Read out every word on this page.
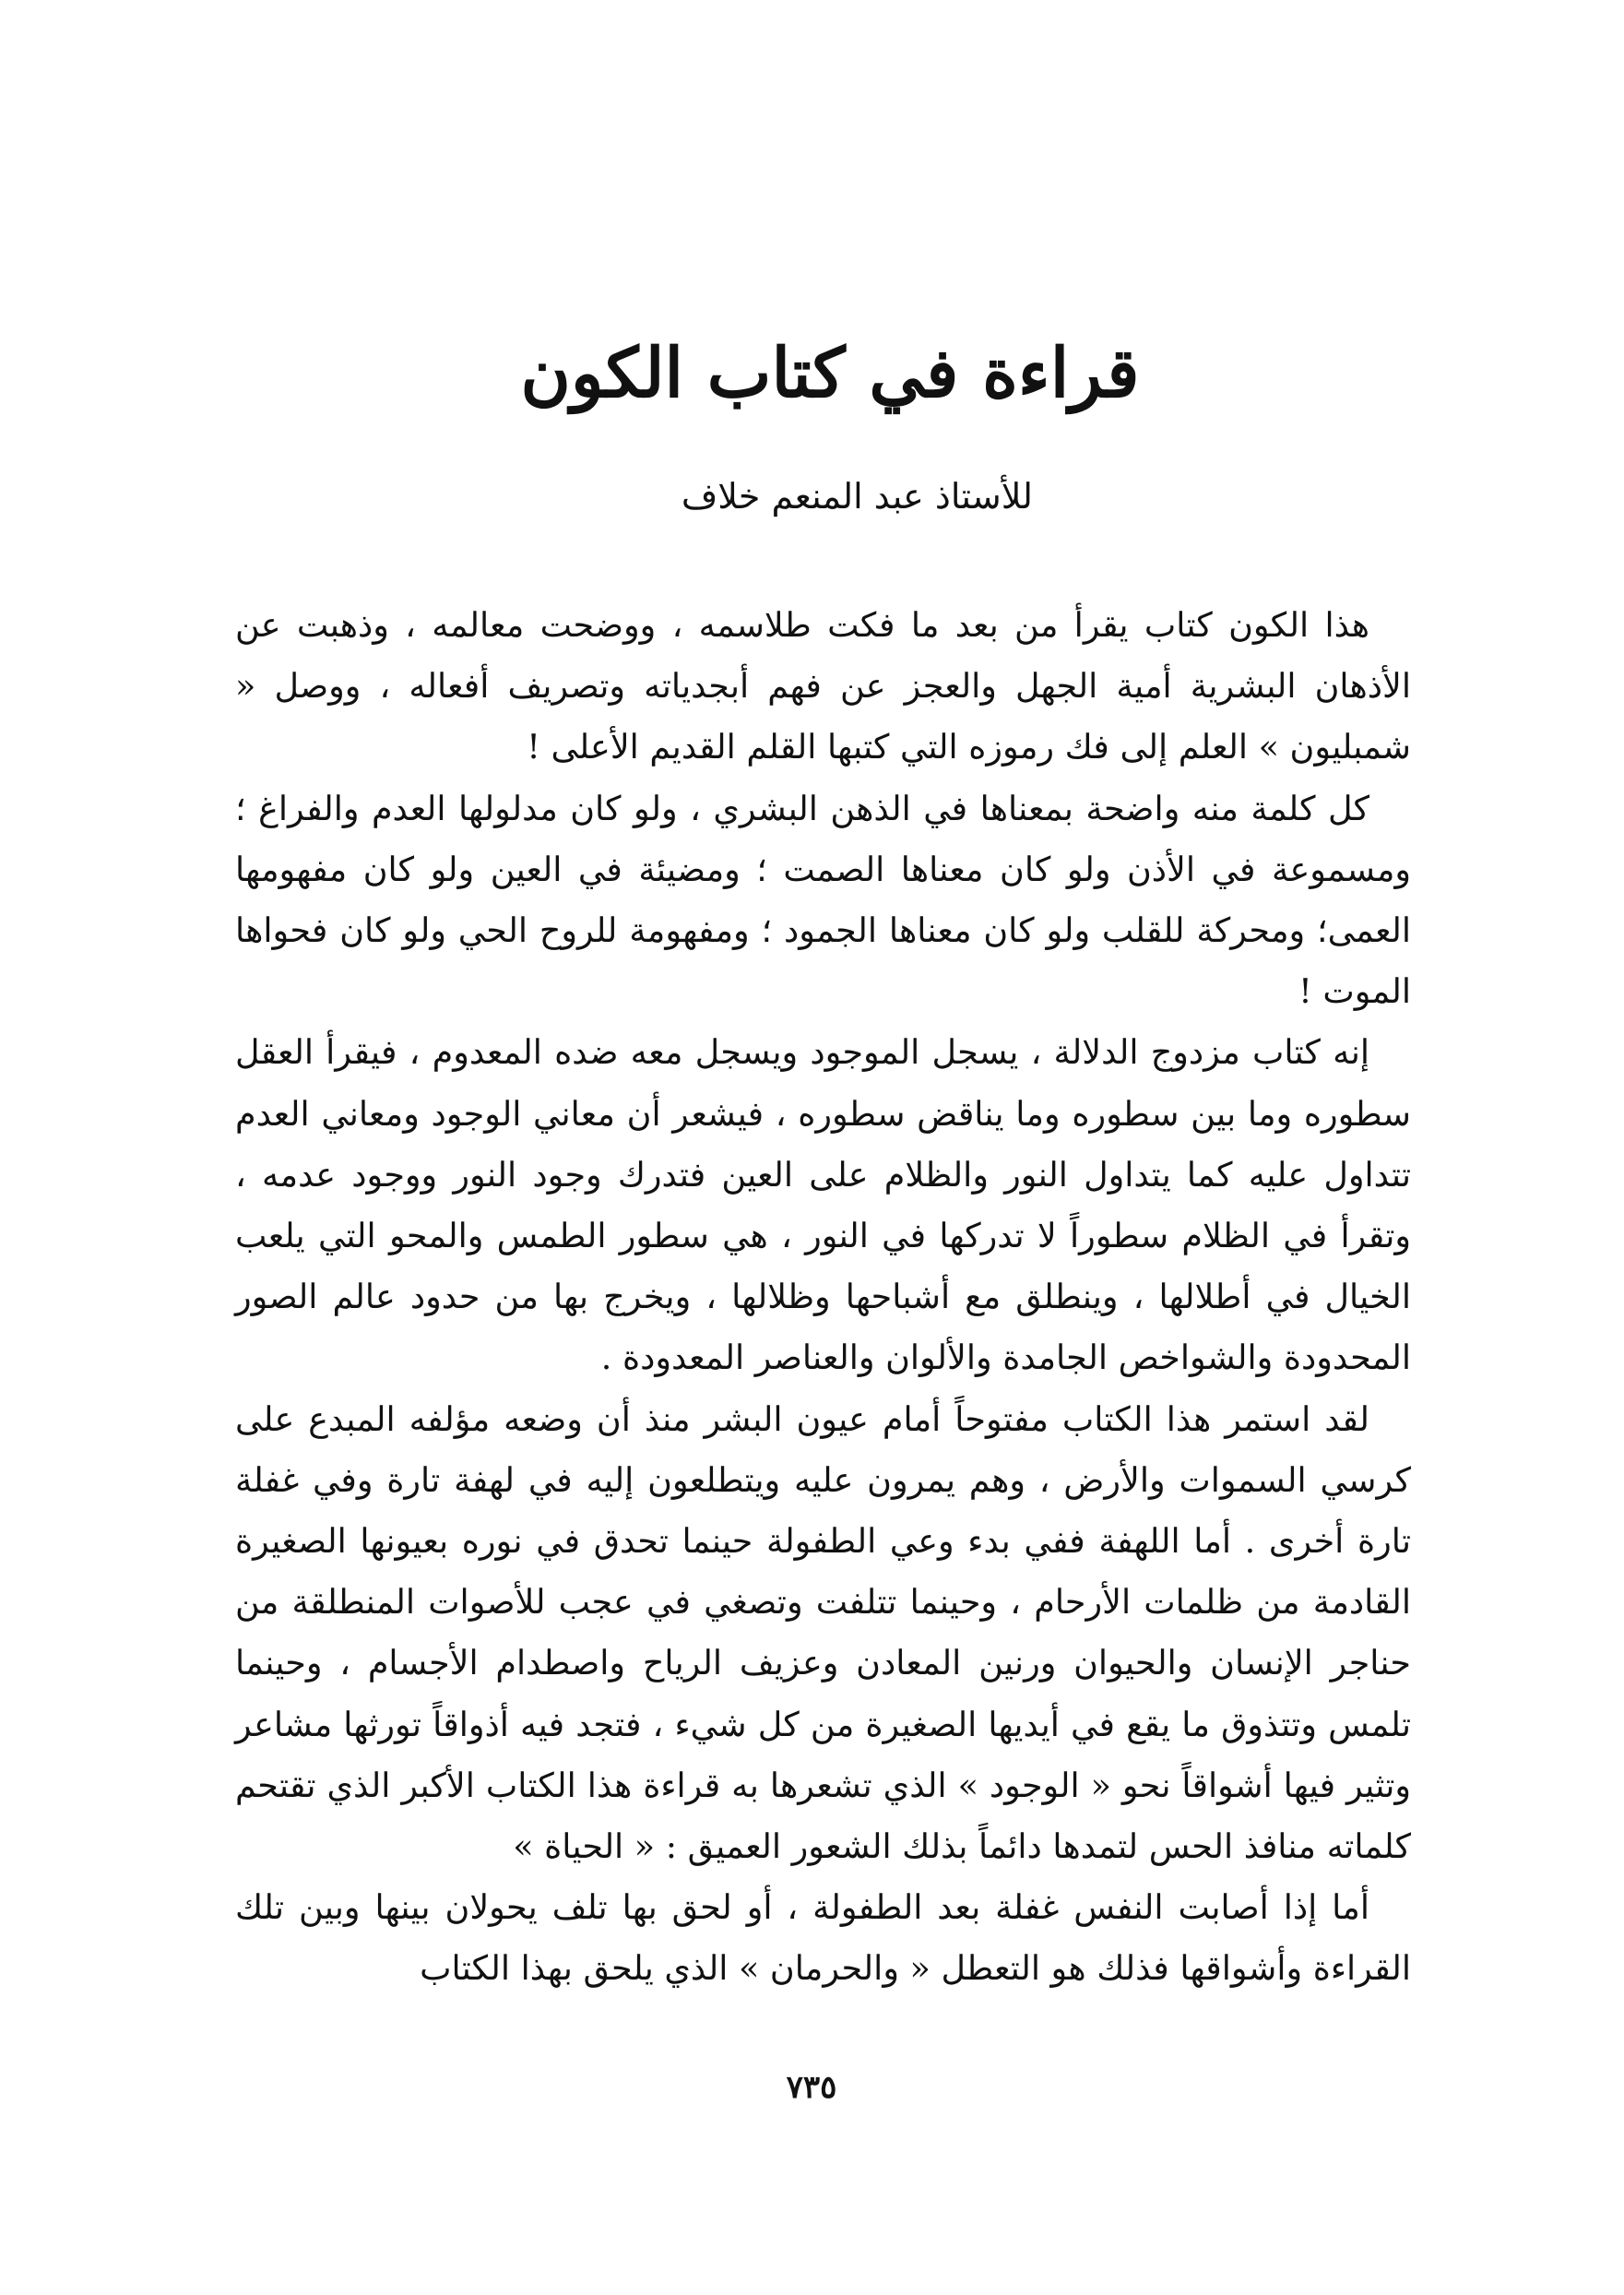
قراءة في كتاب الكون

للأستاذ عبد المنعم خلاف

هذا الكون كتاب يقرأ من بعد ما فكت طلاسمه ، ووضحت معالمه ، وذهبت عن الأذهان البشرية أمية الجهل والعجز عن فهم أبجدياته وتصريف أفعاله ، ووصل « شمبليون » العلم إلى فك رموزه التي كتبها القلم القديم الأعلى !

كل كلمة منه واضحة بمعناها في الذهن البشري ، ولو كان مدلولها العدم والفراغ ؛ ومسموعة في الأذن ولو كان معناها الصمت ؛ ومضيئة في العين ولو كان مفهومها العمى؛ ومحركة للقلب ولو كان معناها الجمود ؛ ومفهومة للروح الحي ولو كان فحواها الموت !

إنه كتاب مزدوج الدلالة ، يسجل الموجود ويسجل معه ضده المعدوم ، فيقرأ العقل سطوره وما بين سطوره وما يناقض سطوره ، فيشعر أن معاني الوجود ومعاني العدم تتداول عليه كما يتداول النور والظلام على العين فتدرك وجود النور ووجود عدمه ، وتقرأ في الظلام سطوراً لا تدركها في النور ، هي سطور الطمس والمحو التي يلعب الخيال في أطلالها ، وينطلق مع أشباحها وظلالها ، ويخرج بها من حدود عالم الصور المحدودة والشواخص الجامدة والألوان والعناصر المعدودة .

لقد استمر هذا الكتاب مفتوحاً أمام عيون البشر منذ أن وضعه مؤلفه المبدع على كرسي السموات والأرض ، وهم يمرون عليه ويتطلعون إليه في لهفة تارة وفي غفلة تارة أخرى . أما اللهفة ففي بدء وعي الطفولة حينما تحدق في نوره بعيونها الصغيرة القادمة من ظلمات الأرحام ، وحينما تتلفت وتصغي في عجب للأصوات المنطلقة من حناجر الإنسان والحيوان ورنين المعادن وعزيف الرياح واصطدام الأجسام ، وحينما تلمس وتتذوق ما يقع في أيديها الصغيرة من كل شيء ، فتجد فيه أذواقاً تورثها مشاعر وتثير فيها أشواقاً نحو « الوجود » الذي تشعرها به قراءة هذا الكتاب الأكبر الذي تقتحم كلماته منافذ الحس لتمدها دائماً بذلك الشعور العميق : « الحياة »

أما إذا أصابت النفس غفلة بعد الطفولة ، أو لحق بها تلف يحولان بينها وبين تلك القراءة وأشواقها فذلك هو التعطل « والحرمان » الذي يلحق بهذا الكتاب

٧٣٥
